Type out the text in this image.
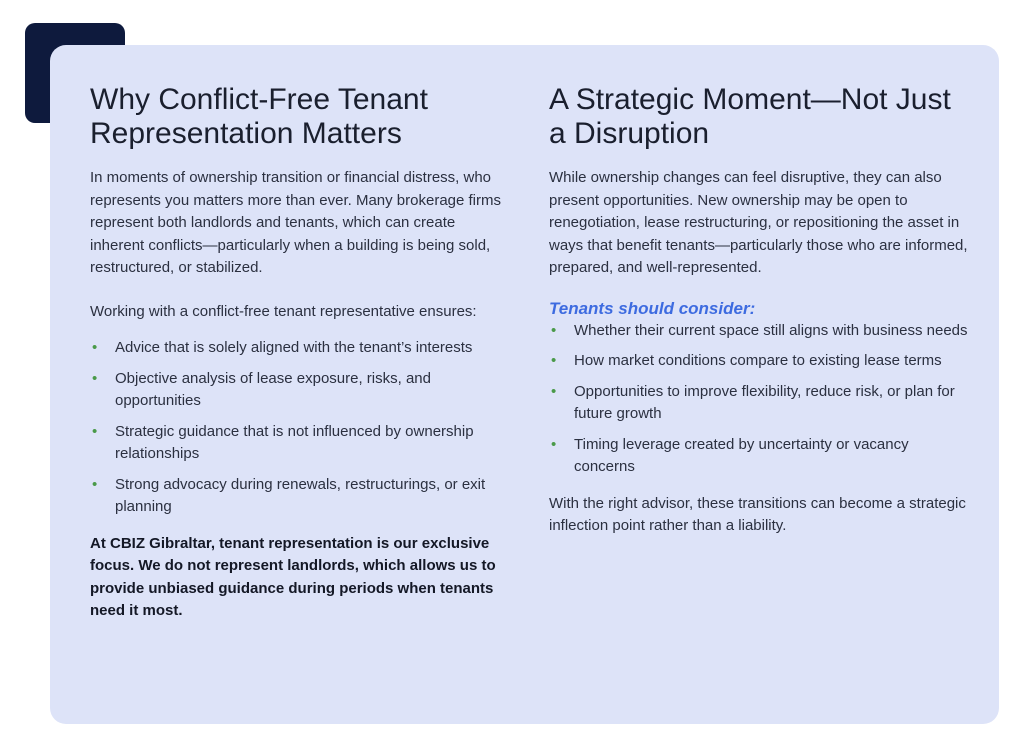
Why Conflict-Free Tenant Representation Matters

In moments of ownership transition or financial distress, who represents you matters more than ever. Many brokerage firms represent both landlords and tenants, which can create inherent conflicts—particularly when a building is being sold, restructured, or stabilized.

Working with a conflict-free tenant representative ensures:

• Advice that is solely aligned with the tenant’s interests
• Objective analysis of lease exposure, risks, and opportunities
• Strategic guidance that is not influenced by ownership relationships
• Strong advocacy during renewals, restructurings, or exit planning

At CBIZ Gibraltar, tenant representation is our exclusive focus. We do not represent landlords, which allows us to provide unbiased guidance during periods when tenants need it most.

A Strategic Moment—Not Just a Disruption

While ownership changes can feel disruptive, they can also present opportunities. New ownership may be open to renegotiation, lease restructuring, or repositioning the asset in ways that benefit tenants—particularly those who are informed, prepared, and well-represented.

Tenants should consider:

• Whether their current space still aligns with business needs
• How market conditions compare to existing lease terms
• Opportunities to improve flexibility, reduce risk, or plan for future growth
• Timing leverage created by uncertainty or vacancy concerns

With the right advisor, these transitions can become a strategic inflection point rather than a liability.
